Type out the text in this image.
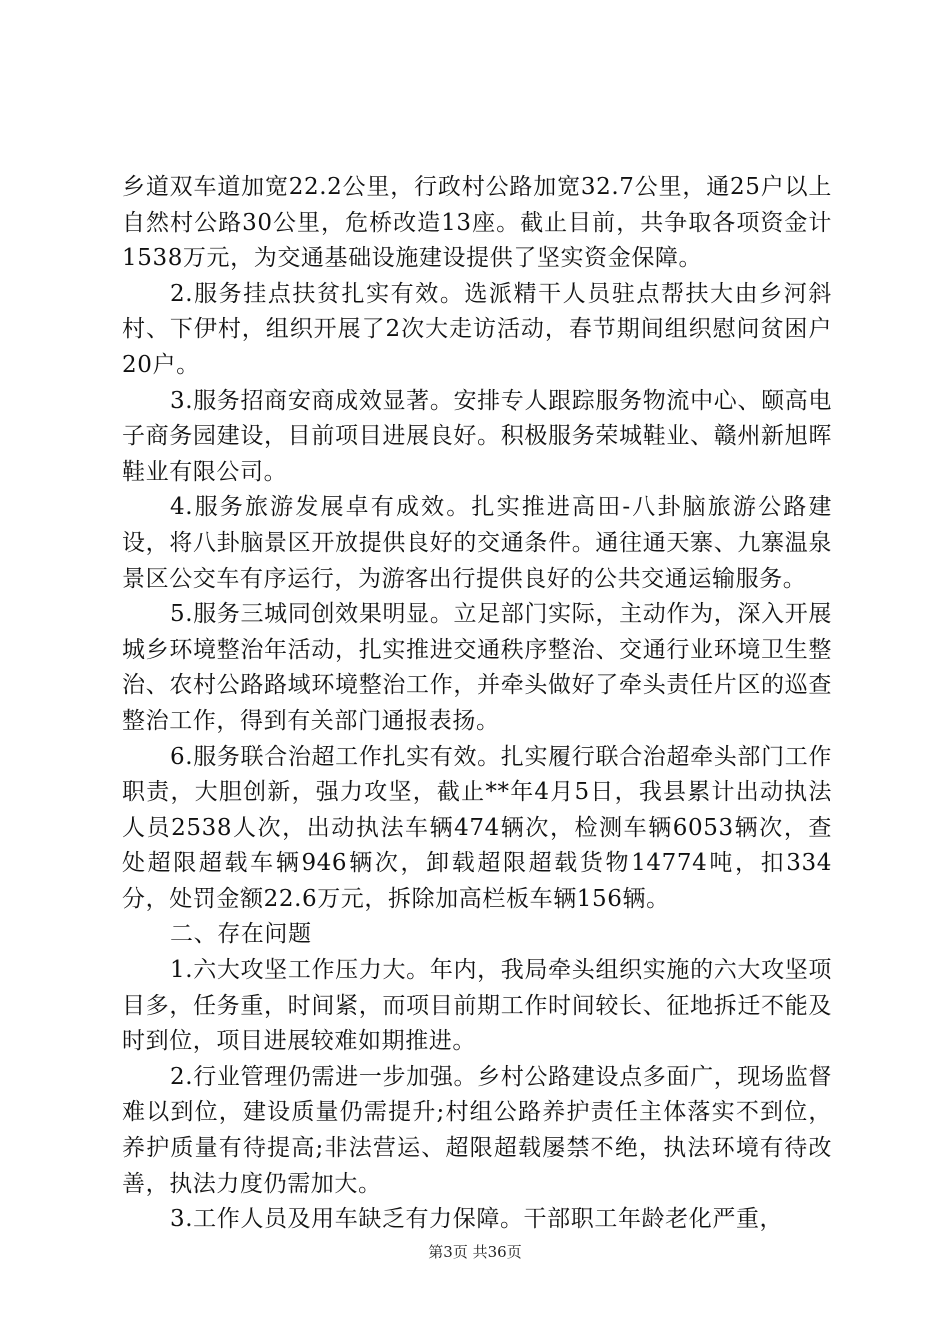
乡道双车道加宽22.2公里，行政村公路加宽32.7公里，通25户以上自然村公路30公里，危桥改造13座。截止目前，共争取各项资金计1538万元，为交通基础设施建设提供了坚实资金保障。

2.服务挂点扶贫扎实有效。选派精干人员驻点帮扶大由乡河斜村、下伊村，组织开展了2次大走访活动，春节期间组织慰问贫困户20户。

3.服务招商安商成效显著。安排专人跟踪服务物流中心、颐高电子商务园建设，目前项目进展良好。积极服务荣城鞋业、赣州新旭晖鞋业有限公司。

4.服务旅游发展卓有成效。扎实推进高田-八卦脑旅游公路建设，将八卦脑景区开放提供良好的交通条件。通往通天寨、九寨温泉景区公交车有序运行，为游客出行提供良好的公共交通运输服务。

5.服务三城同创效果明显。立足部门实际，主动作为，深入开展城乡环境整治年活动，扎实推进交通秩序整治、交通行业环境卫生整治、农村公路路域环境整治工作，并牵头做好了牵头责任片区的巡查整治工作，得到有关部门通报表扬。

6.服务联合治超工作扎实有效。扎实履行联合治超牵头部门工作职责，大胆创新，强力攻坚，截止**年4月5日，我县累计出动执法人员2538人次，出动执法车辆474辆次，检测车辆6053辆次，查处超限超载车辆946辆次，卸载超限超载货物14774吨，扣334分，处罚金额22.6万元，拆除加高栏板车辆156辆。

二、存在问题

1.六大攻坚工作压力大。年内，我局牵头组织实施的六大攻坚项目多，任务重，时间紧，而项目前期工作时间较长、征地拆迁不能及时到位，项目进展较难如期推进。

2.行业管理仍需进一步加强。乡村公路建设点多面广，现场监督难以到位，建设质量仍需提升;村组公路养护责任主体落实不到位，养护质量有待提高;非法营运、超限超载屡禁不绝，执法环境有待改善，执法力度仍需加大。

3.工作人员及用车缺乏有力保障。干部职工年龄老化严重，

第3页 共36页
